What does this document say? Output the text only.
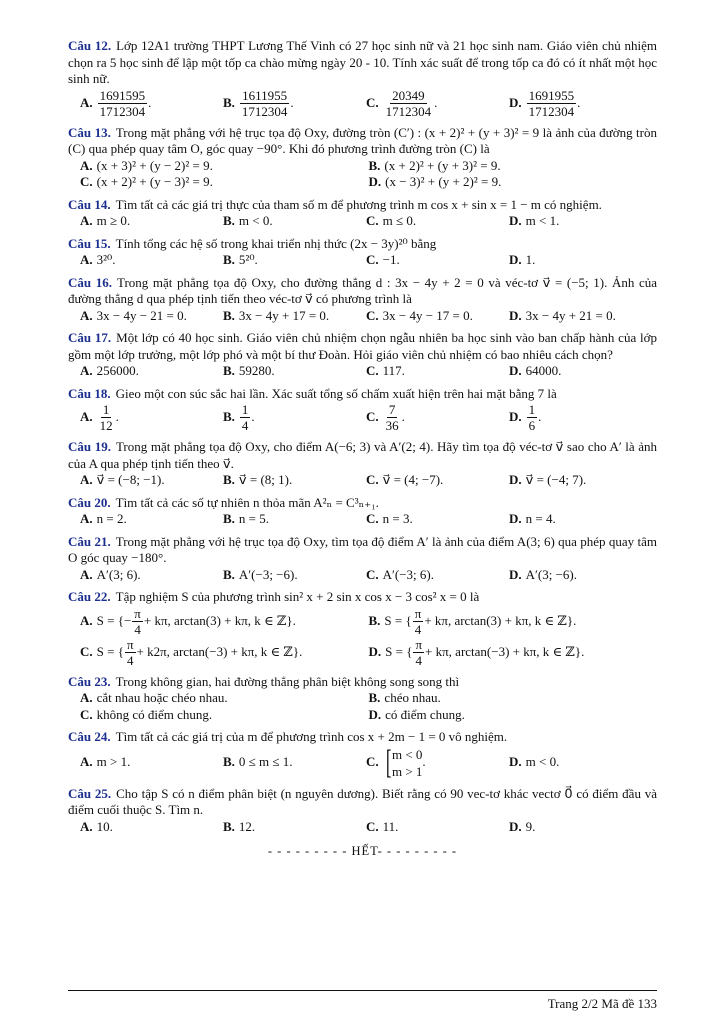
Câu 12. Lớp 12A1 trường THPT Lương Thế Vinh có 27 học sinh nữ và 21 học sinh nam. Giáo viên chủ nhiệm chọn ra 5 học sinh để lập một tốp ca chào mừng ngày 20 - 10. Tính xác suất để trong tốp ca đó có ít nhất một học sinh nữ.
A. $\frac{1691595}{1712304}$ .	B. $\frac{1611955}{1712304}$ .	C. $\frac{20349}{1712304}$ .	D. $\frac{1691955}{1712304}$ .
Câu 13. Trong mặt phẳng với hệ trục tọa độ Oxy, đường tròn (C′) : (x + 2)² + (y + 3)² = 9 là ảnh của đường tròn (C) qua phép quay tâm O, góc quay −90°. Khi đó phương trình đường tròn (C) là
A. (x + 3)² + (y − 2)² = 9.	B. (x + 2)² + (y + 3)² = 9.
C. (x + 2)² + (y − 3)² = 9.	D. (x − 3)² + (y + 2)² = 9.
Câu 14. Tìm tất cả các giá trị thực của tham số m để phương trình m cos x + sin x = 1 − m có nghiệm.
A. m ≥ 0.	B. m < 0.	C. m ≤ 0.	D. m < 1.
Câu 15. Tính tổng các hệ số trong khai triển nhị thức (2x − 3y)²⁰ bằng
A. 3²⁰.	B. 5²⁰.	C. −1.	D. 1.
Câu 16. Trong mặt phẳng tọa độ Oxy, cho đường thẳng d : 3x − 4y + 2 = 0 và véc-tơ v⃗ = (−5; 1). Ảnh của đường thẳng d qua phép tịnh tiến theo véc-tơ v⃗ có phương trình là
A. 3x − 4y − 21 = 0.	B. 3x − 4y + 17 = 0.	C. 3x − 4y − 17 = 0.	D. 3x − 4y + 21 = 0.
Câu 17. Một lớp có 40 học sinh. Giáo viên chủ nhiệm chọn ngẫu nhiên ba học sinh vào ban chấp hành của lớp gồm một lớp trưởng, một lớp phó và một bí thư Đoàn. Hỏi giáo viên chủ nhiệm có bao nhiêu cách chọn?
A. 256000.	B. 59280.	C. 117.	D. 64000.
Câu 18. Gieo một con súc sắc hai lần. Xác suất tổng số chấm xuất hiện trên hai mặt bằng 7 là
A. $\frac{1}{12}$ .	B. $\frac{1}{4}$ .	C. $\frac{7}{36}$ .	D. $\frac{1}{6}$ .
Câu 19. Trong mặt phẳng tọa độ Oxy, cho điểm A(−6; 3) và A′(2; 4). Hãy tìm tọa độ véc-tơ v⃗ sao cho A′ là ảnh của A qua phép tịnh tiến theo v⃗.
A. v⃗ = (−8; −1).	B. v⃗ = (8; 1).	C. v⃗ = (4; −7).	D. v⃗ = (−4; 7).
Câu 20. Tìm tất cả các số tự nhiên n thỏa mãn A²ₙ = C³ₙ₊₁.
A. n = 2.	B. n = 5.	C. n = 3.	D. n = 4.
Câu 21. Trong mặt phẳng với hệ trục tọa độ Oxy, tìm tọa độ điểm A′ là ảnh của điểm A(3; 6) qua phép quay tâm O góc quay −180°.
A. A′(3; 6).	B. A′(−3; −6).	C. A′(−3; 6).	D. A′(3; −6).
Câu 22. Tập nghiệm S của phương trình sin² x + 2 sin x cos x − 3 cos² x = 0 là
A. S = {− $\frac{\pi}{4} + k\pi$, arctan(3) + kπ, k ∈ ℤ}.	B. S = { $\frac{\pi}{4} + k\pi$, arctan(3) + kπ, k ∈ ℤ}.
C. S = { $\frac{\pi}{4} + k2\pi$, arctan(−3) + kπ, k ∈ ℤ}.	D. S = { $\frac{\pi}{4} + k\pi$, arctan(−3) + kπ, k ∈ ℤ}.
Câu 23. Trong không gian, hai đường thẳng phân biệt không song song thì
A. cắt nhau hoặc chéo nhau.	B. chéo nhau.
C. không có điểm chung.	D. có điểm chung.
Câu 24. Tìm tất cả các giá trị của m để phương trình cos x + 2m − 1 = 0 vô nghiệm.
A. m > 1.	B. 0 ≤ m ≤ 1.	C. [ m < 0
m > 1
.	D. m < 0.
Câu 25. Cho tập S có n điểm phân biệt (n nguyên dương). Biết rằng có 90 vec-tơ khác vectơ 0⃗ có điểm đầu và điểm cuối thuộc S. Tìm n.
A. 10.	B. 12.	C. 11.	D. 9.
- - - - - - - - - HẾT- - - - - - - - -
Trang 2/2 Mã đề 133
